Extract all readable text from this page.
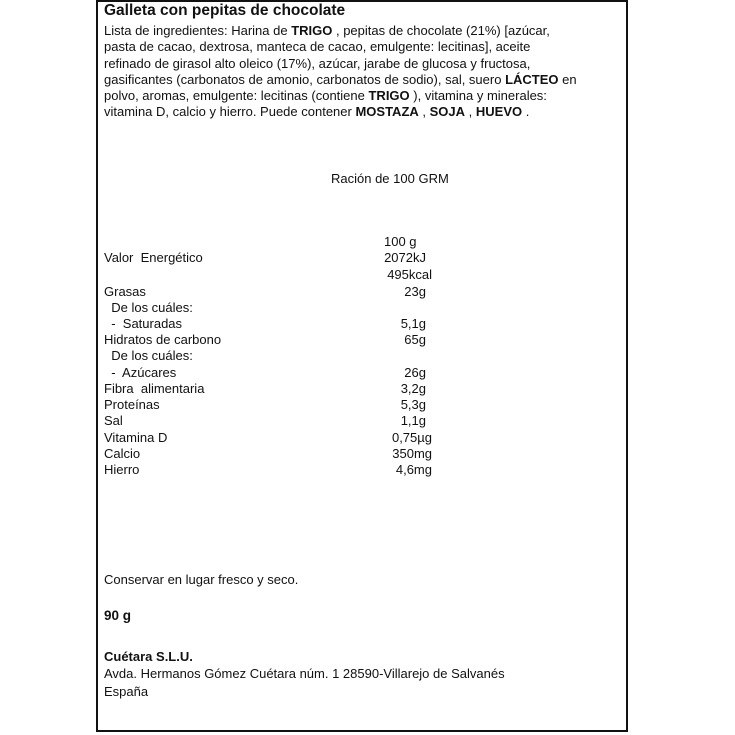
Galleta con pepitas de chocolate
Lista de ingredientes: Harina de TRIGO , pepitas de chocolate (21%) [azúcar,
pasta de cacao, dextrosa, manteca de cacao, emulgente: lecitinas], aceite
refinado de girasol alto oleico (17%), azúcar, jarabe de glucosa y fructosa,
gasificantes (carbonatos de amonio, carbonatos de sodio), sal, suero LÁCTEO en
polvo, aromas, emulgente: lecitinas (contiene TRIGO ), vitamina y minerales:
vitamina D, calcio y hierro. Puede contener MOSTAZA , SOJA , HUEVO .
Ración de 100 GRM
100 g
Valor  Energético	2072kJ
495kcal
Grasas	23g
De los cuáles:
-  Saturadas	5,1g
Hidratos de carbono	65g
De los cuáles:
-  Azúcares	26g
Fibra  alimentaria	3,2g
Proteínas	5,3g
Sal	1,1g
Vitamina D	0,75µg
Calcio	350mg
Hierro	4,6mg
Conservar en lugar fresco y seco.
90 g
Cuétara S.L.U.
Avda. Hermanos Gómez Cuétara núm. 1 28590-Villarejo de Salvanés
España
